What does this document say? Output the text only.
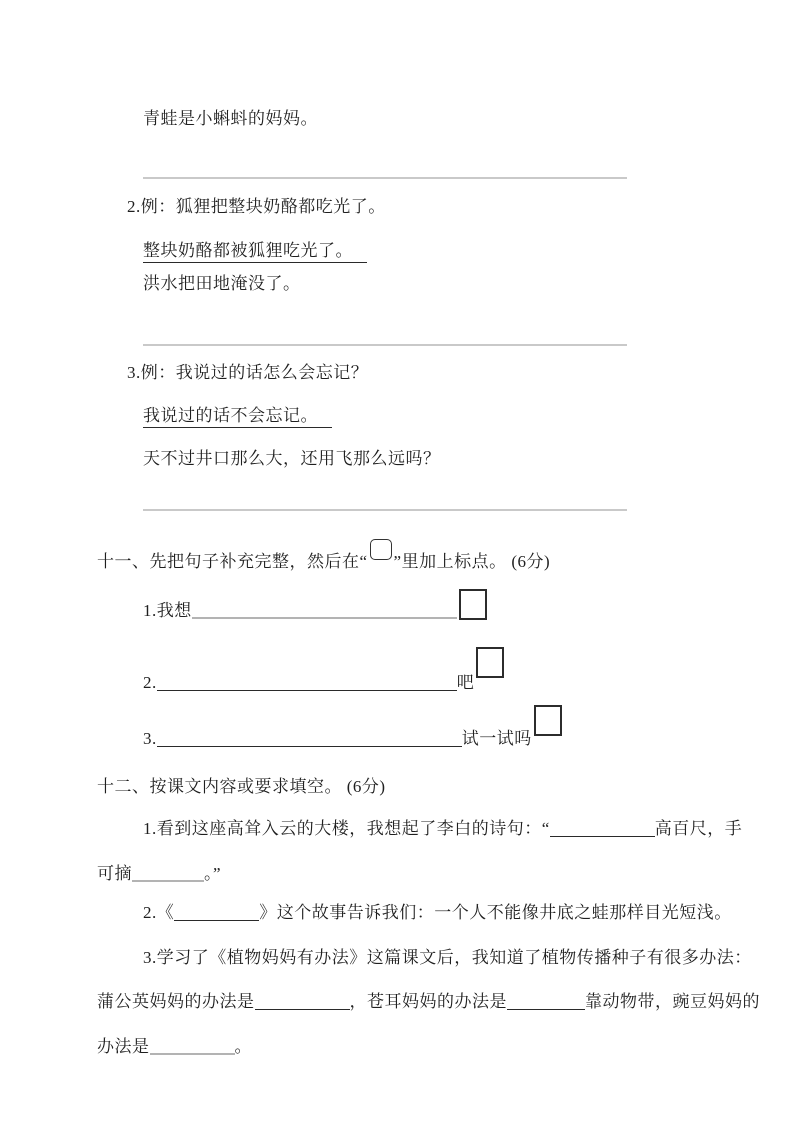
青蛙是小蝌蚪的妈妈。
2.例：狐狸把整块奶酪都吃光了。
整块奶酪都被狐狸吃光了。
洪水把田地淹没了。
3.例：我说过的话怎么会忘记？
我说过的话不会忘记。
天不过井口那么大，还用飞那么远吗？
十一、先把句子补充完整，然后在“ ”里加上标点。 (6分)
1.我想
2.	吧
3.	试一试吗
十二、按课文内容或要求填空。 (6分)
1.看到这座高耸入云的大楼，我想起了李白的诗句：“	高百尺，手
可摘	。”
2.《	》这个故事告诉我们：一个人不能像井底之蛙那样目光短浅。
3.学习了《植物妈妈有办法》这篇课文后，我知道了植物传播种子有很多办法：
蒲公英妈妈的办法是	，苍耳妈妈的办法是	靠动物带，豌豆妈妈的
办法是	。
